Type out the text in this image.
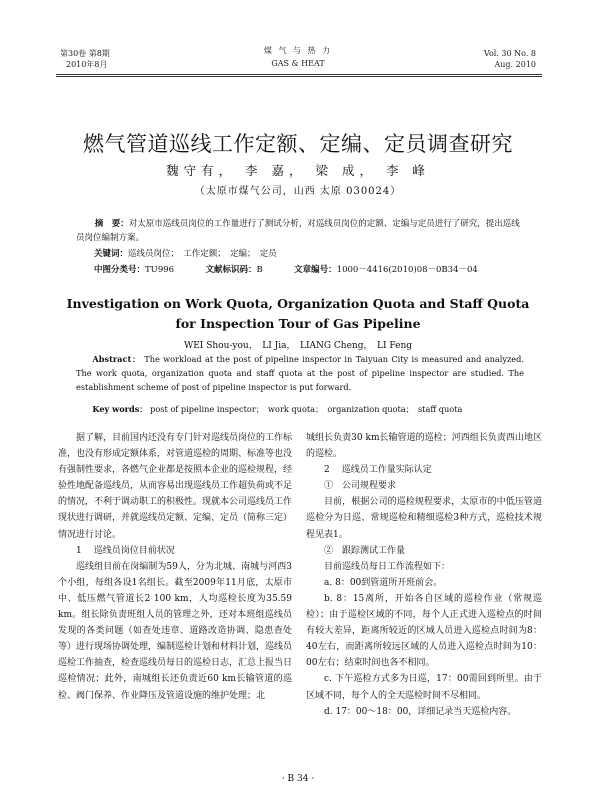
第30卷 第8期
2010年8月
煤 气 与 热 力
GAS & HEAT
Vol. 30 No. 8
Aug. 2010
燃气管道巡线工作定额、定编、定员调查研究
魏守有， 李 嘉， 梁 成， 李 峰
（太原市煤气公司，山西 太原 030024）
摘　要：对太原市巡线员岗位的工作量进行了测试分析，对巡线员岗位的定额、定编与定员进行了研究，提出巡线员岗位编制方案。
关键词：巡线员岗位；　工作定额；　定编；　定员
中图分类号：TU996	文献标识码：B	文章编号：1000－4416(2010)08－0B34－04
Investigation on Work Quota, Organization Quota and Staff Quota
for Inspection Tour of Gas Pipeline
WEI Shou-you，　LI Jia，　LIANG Cheng，　LI Feng
Abstract： The workload at the post of pipeline inspector in Taiyuan City is measured and analyzed. The work quota, organization quota and staff quota at the post of pipeline inspector are studied. The establishment scheme of post of pipeline inspector is put forward.
Key words： post of pipeline inspector；　work quota；　organization quota；　staff quota

据了解，目前国内还没有专门针对巡线员岗位的工作标准，也没有形成定额体系，对管道巡检的周期、标准等也没有强制性要求，各燃气企业都是按照本企业的巡检规程，经验性地配备巡线员，从而容易出现巡线员工作超负荷或不足的情况，不利于调动职工的积极性。现就本公司巡线员工作现状进行调研，并就巡线员定额、定编、定员（简称三定）情况进行讨论。

1 巡线员岗位目前状况

巡线组目前在岗编制为59人，分为北城、南城与河西3个小组，每组各设1名组长。截至2009年11月底，太原市中、低压燃气管道长2 100 km，人均巡检长度为35.59 km。组长除负责班组人员的管理之外，还对本班组巡线员发现的各类问题（如查处违章、道路改造协调、隐患查处等）进行现场协调处理，编制巡检计划和材料计划，巡线员巡检工作抽查，检查巡线员每日的巡检日志，汇总上报当日巡检情况；此外，南城组长还负责近60 km长输管道的巡检、阀门保养、作业降压及管道设施的维护处理；北

城组长负责30 km长输管道的巡检；河西组长负责西山地区的巡检。

2 巡线员工作量实际认定

①　公司规程要求

目前，根据公司的巡检规程要求，太原市的中低压管道巡检分为日巡、常规巡检和精细巡检3种方式，巡检技术规程见表1。

②　跟踪测试工作量

目前巡线员每日工作流程如下：

a. 8：00到管道所开班前会。

b. 8：15离所，开始各自区域的巡检作业（常规巡检）；由于巡检区域的不同，每个人正式进入巡检点的时间有较大差异，距离所较近的区域人员进入巡检点时间为8：40左右，而距离所较远区域的人员进入巡检点时间为10：00左右；结束时间也各不相同。

c. 下午巡检方式多为日巡，17：00需回到所里。由于区域不同，每个人的全天巡检时间不尽相同。

d. 17：00～18：00，详细记录当天巡检内容。

· B 34 ·
